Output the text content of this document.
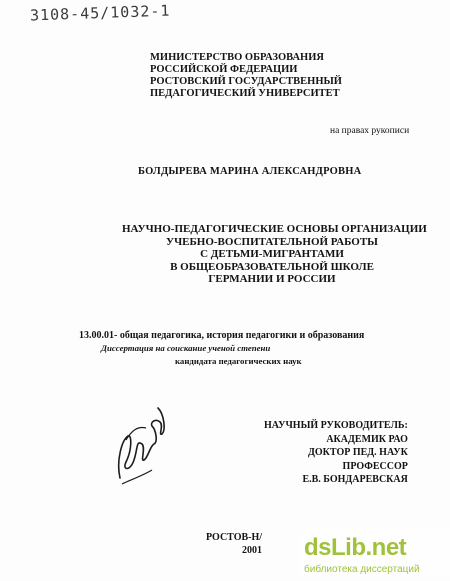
3108-45/1032-1
МИНИСТЕРСТВО ОБРАЗОВАНИЯ
РОССИЙСКОЙ ФЕДЕРАЦИИ
РОСТОВСКИЙ ГОСУДАРСТВЕННЫЙ
ПЕДАГОГИЧЕСКИЙ УНИВЕРСИТЕТ
на правах рукописи
БОЛДЫРЕВА МАРИНА АЛЕКСАНДРОВНА
НАУЧНО-ПЕДАГОГИЧЕСКИЕ ОСНОВЫ ОРГАНИЗАЦИИ
УЧЕБНО-ВОСПИТАТЕЛЬНОЙ РАБОТЫ
С ДЕТЬМИ-МИГРАНТАМИ
В ОБЩЕОБРАЗОВАТЕЛЬНОЙ ШКОЛЕ
ГЕРМАНИИ И РОССИИ
13.00.01- общая педагогика, история педагогики и образования
Диссертация на соискание ученой степени
кандидата педагогических наук
НАУЧНЫЙ РУКОВОДИТЕЛЬ:
АКАДЕМИК РАО
ДОКТОР ПЕД. НАУК
ПРОФЕССОР
Е.В. БОНДАРЕВСКАЯ
РОСТОВ-Н/
2001 dsLib.net
библиотека диссертаций
